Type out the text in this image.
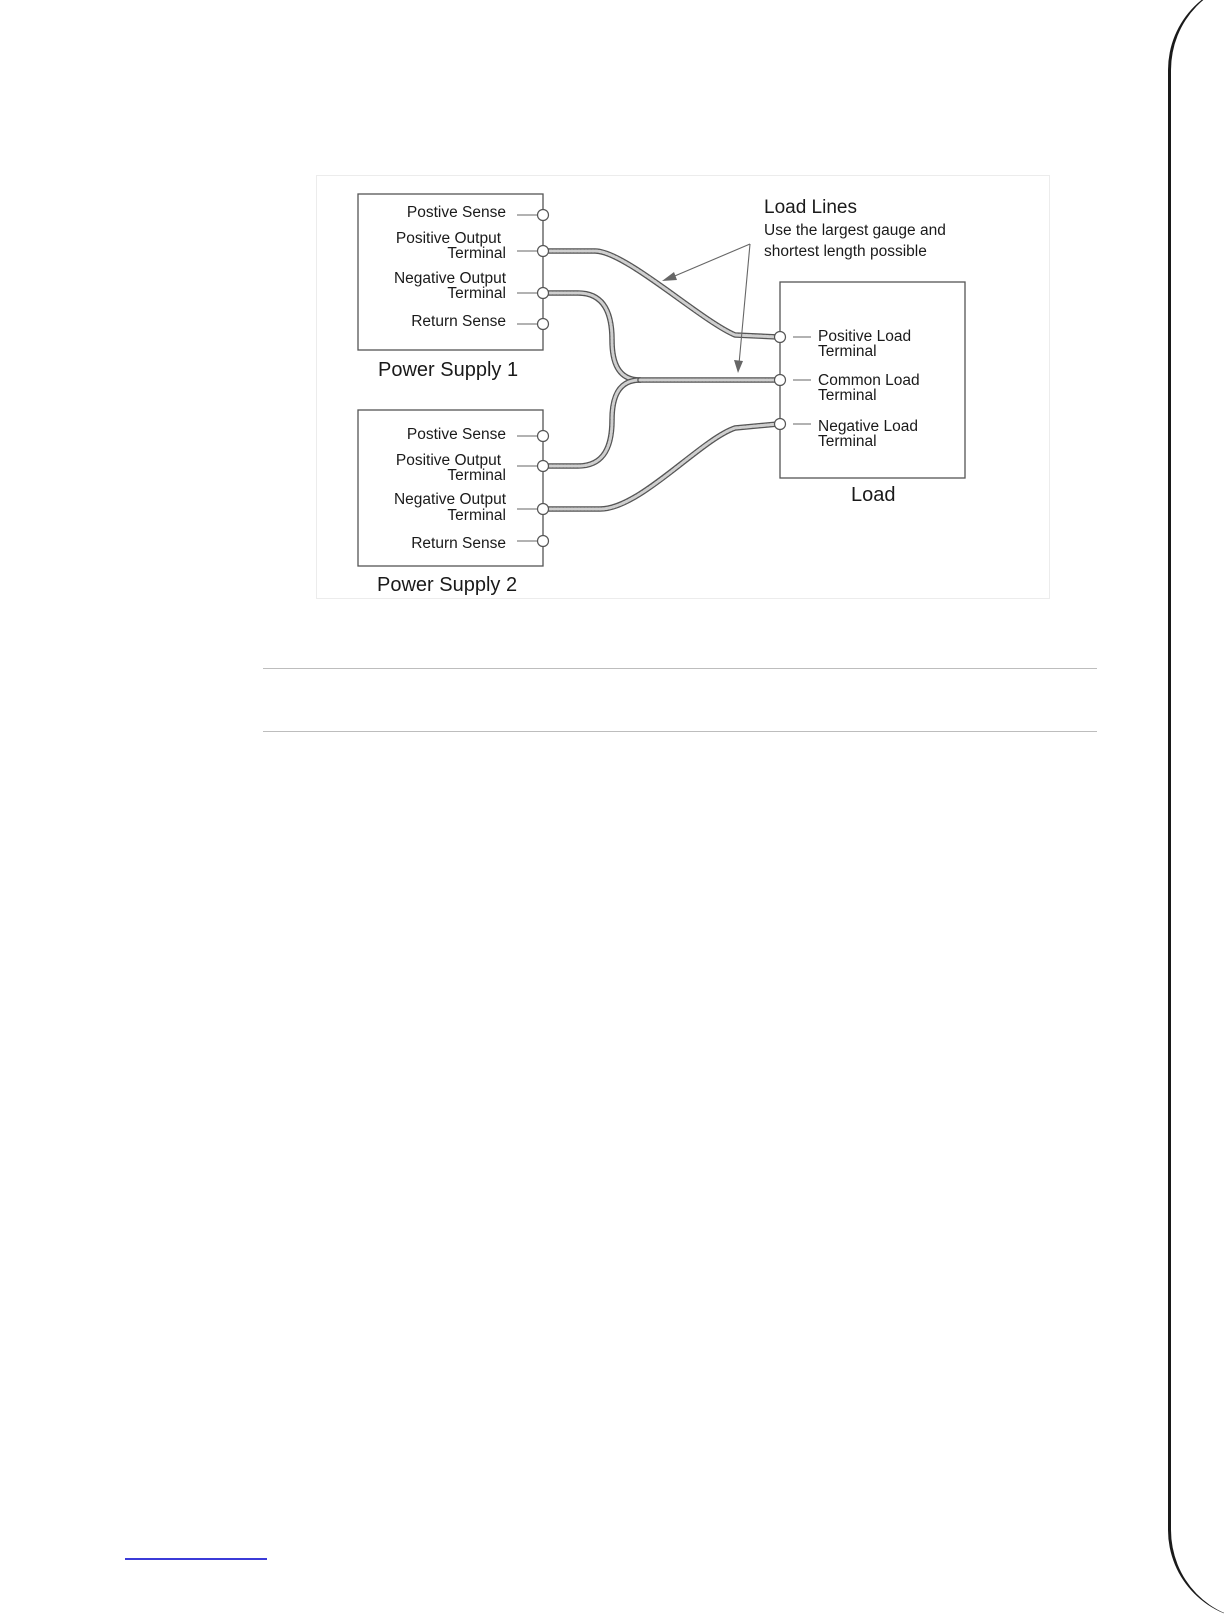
Postive Sense
Positive Output
Terminal
Negative Output
Terminal
Return Sense
Power Supply 1
Postive Sense
Positive Output
Terminal
Negative Output
Terminal
Return Sense
Power Supply 2
Positive Load
Terminal
Common Load
Terminal
Negative Load
Terminal
Load
Load Lines
Use the largest gauge and
shortest length possible
